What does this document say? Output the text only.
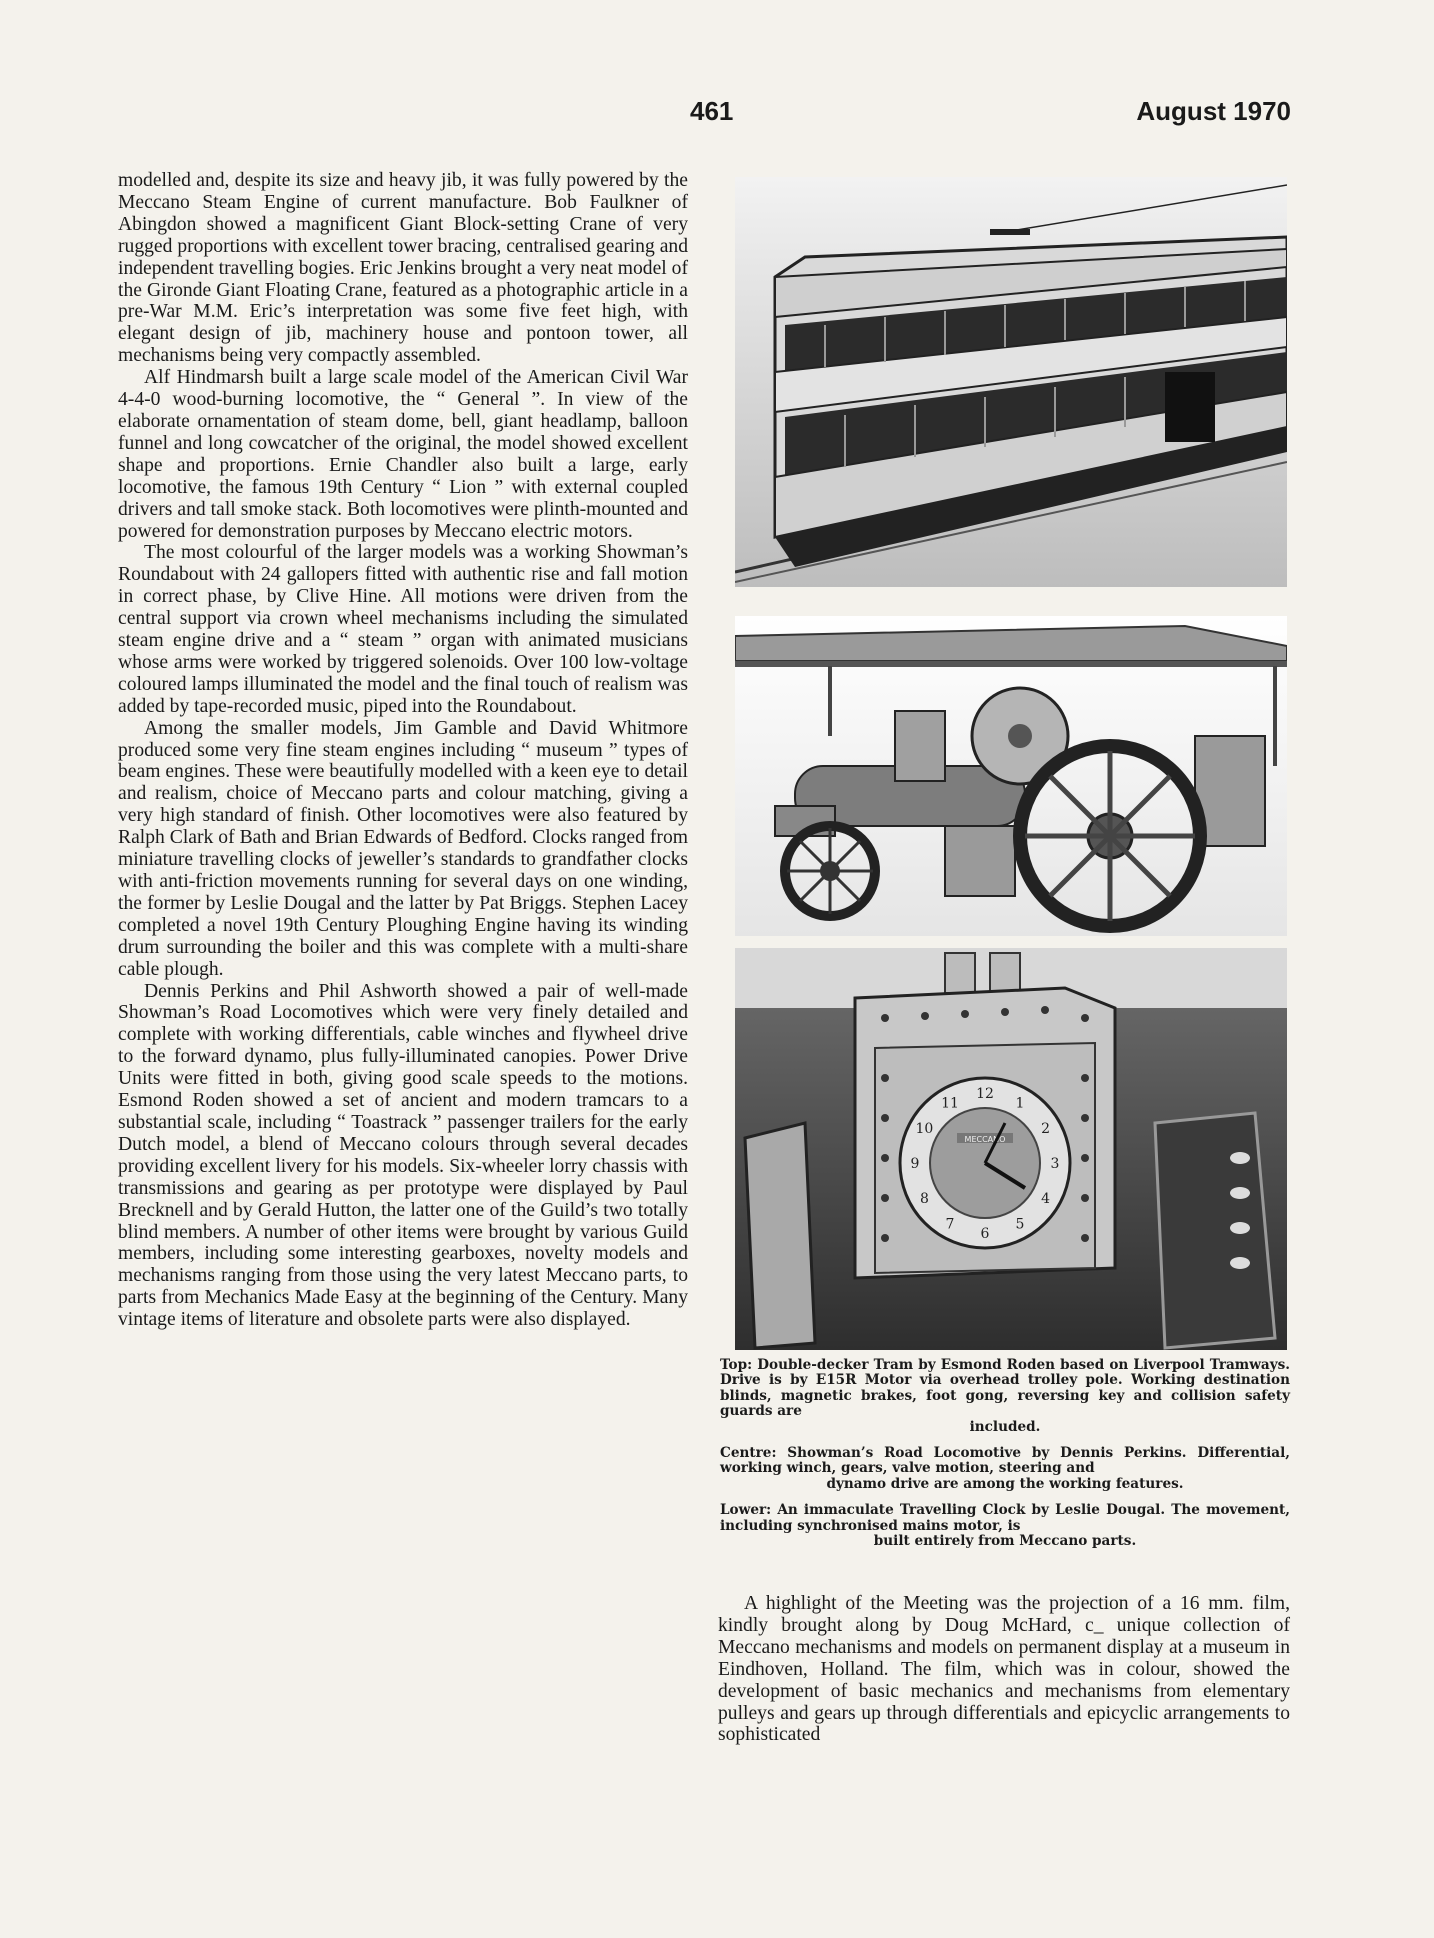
461	August 1970

modelled and, despite its size and heavy jib, it was fully powered by the Meccano Steam Engine of current manufacture. Bob Faulkner of Abingdon showed a magnificent Giant Block-setting Crane of very rugged proportions with excellent tower bracing, centralised gearing and independent travelling bogies. Eric Jenkins brought a very neat model of the Gironde Giant Floating Crane, featured as a photographic article in a pre-War M.M. Eric’s interpretation was some five feet high, with elegant design of jib, machinery house and pontoon tower, all mechanisms being very compactly assembled.

Alf Hindmarsh built a large scale model of the American Civil War 4-4-0 wood-burning locomotive, the “ General ”. In view of the elaborate ornamentation of steam dome, bell, giant headlamp, balloon funnel and long cowcatcher of the original, the model showed excellent shape and proportions. Ernie Chandler also built a large, early locomotive, the famous 19th Century “ Lion ” with external coupled drivers and tall smoke stack. Both locomotives were plinth-mounted and powered for demonstration purposes by Meccano electric motors.

The most colourful of the larger models was a working Showman’s Roundabout with 24 gallopers fitted with authentic rise and fall motion in correct phase, by Clive Hine. All motions were driven from the central support via crown wheel mechanisms including the simulated steam engine drive and a “ steam ” organ with animated musicians whose arms were worked by triggered solenoids. Over 100 low-voltage coloured lamps illuminated the model and the final touch of realism was added by tape-recorded music, piped into the Roundabout.

Among the smaller models, Jim Gamble and David Whitmore produced some very fine steam engines including “ museum ” types of beam engines. These were beautifully modelled with a keen eye to detail and realism, choice of Meccano parts and colour matching, giving a very high standard of finish. Other locomotives were also featured by Ralph Clark of Bath and Brian Edwards of Bedford. Clocks ranged from miniature travelling clocks of jeweller’s standards to grandfather clocks with anti-friction movements running for several days on one winding, the former by Leslie Dougal and the latter by Pat Briggs. Stephen Lacey completed a novel 19th Century Ploughing Engine having its winding drum surrounding the boiler and this was complete with a multi-share cable plough.

Dennis Perkins and Phil Ashworth showed a pair of well-made Showman’s Road Locomotives which were very finely detailed and complete with working differentials, cable winches and flywheel drive to the forward dynamo, plus fully-illuminated canopies. Power Drive Units were fitted in both, giving good scale speeds to the motions. Esmond Roden showed a set of ancient and modern tramcars to a substantial scale, including “ Toastrack ” passenger trailers for the early Dutch model, a blend of Meccano colours through several decades providing excellent livery for his models. Six-wheeler lorry chassis with transmissions and gearing as per prototype were displayed by Paul Brecknell and by Gerald Hutton, the latter one of the Guild’s two totally blind members. A number of other items were brought by various Guild members, including some interesting gearboxes, novelty models and mechanisms ranging from those using the very latest Meccano parts, to parts from Mechanics Made Easy at the beginning of the Century. Many vintage items of literature and obsolete parts were also displayed.

MECCANO
12
1
2
3
4
5
6
7
8
9
10
11

Top: Double-decker Tram by Esmond Roden based on Liverpool Tramways. Drive is by E15R Motor via overhead trolley pole. Working destination blinds, magnetic brakes, foot gong, reversing key and collision safety guards are
included.

Centre: Showman’s Road Locomotive by Dennis Perkins. Differential, working winch, gears, valve motion, steering and
dynamo drive are among the working features.

Lower: An immaculate Travelling Clock by Leslie Dougal. The movement, including synchronised mains motor, is
built entirely from Meccano parts.

A highlight of the Meeting was the projection of a 16 mm. film, kindly brought along by Doug McHard, c_ unique collection of Meccano mechanisms and models on permanent display at a museum in Eindhoven, Holland. The film, which was in colour, showed the development of basic mechanics and mechanisms from elementary pulleys and gears up through differentials and epicyclic arrangements to sophisticated
